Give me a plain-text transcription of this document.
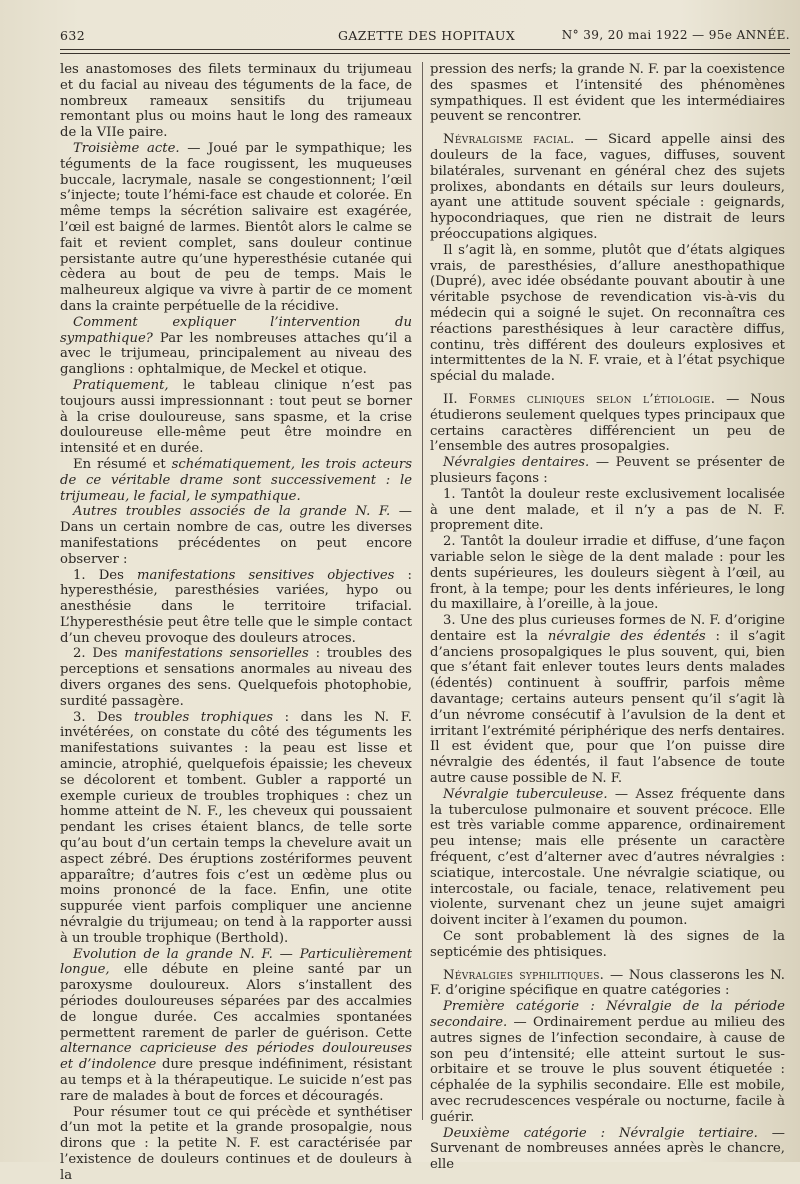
632	GAZETTE DES HOPITAUX	N° 39, 20 mai 1922 — 95e ANNÉE.

les anastomoses des filets terminaux du trijumeau et du facial au niveau des téguments de la face, de nombreux rameaux sensitifs du trijumeau remontant plus ou moins haut le long des rameaux de la VIIe paire.

Troisième acte. — Joué par le sympathique; les téguments de la face rougissent, les muqueuses buccale, lacrymale, nasale se congestionnent; l’œil s’injecte; toute l’hémi-face est chaude et colorée. En même temps la sécrétion salivaire est exagérée, l’œil est baigné de larmes. Bientôt alors le calme se fait et revient complet, sans douleur continue persistante autre qu’une hyperesthésie cutanée qui cèdera au bout de peu de temps. Mais le malheureux algique va vivre à partir de ce moment dans la crainte perpétuelle de la récidive.

Comment expliquer l’intervention du sympathique? Par les nombreuses attaches qu’il a avec le trijumeau, principalement au niveau des ganglions : ophtalmique, de Meckel et otique.

Pratiquement, le tableau clinique n’est pas toujours aussi impressionnant : tout peut se borner à la crise douloureuse, sans spasme, et la crise douloureuse elle-même peut être moindre en intensité et en durée.

En résumé et schématiquement, les trois acteurs de ce véritable drame sont successivement : le trijumeau, le facial, le sympathique.

Autres troubles associés de la grande N. F. — Dans un certain nombre de cas, outre les diverses manifestations précédentes on peut encore observer :

1. Des manifestations sensitives objectives : hyperesthésie, paresthésies variées, hypo ou anesthésie dans le territoire trifacial. L’hyperesthésie peut être telle que le simple contact d’un cheveu provoque des douleurs atroces.

2. Des manifestations sensorielles : troubles des perceptions et sensations anormales au niveau des divers organes des sens. Quelquefois photophobie, surdité passagère.

3. Des troubles trophiques : dans les N. F. invétérées, on constate du côté des téguments les manifestations suivantes : la peau est lisse et amincie, atrophié, quelquefois épaissie; les cheveux se décolorent et tombent. Gubler a rapporté un exemple curieux de troubles trophiques : chez un homme atteint de N. F., les cheveux qui poussaient pendant les crises étaient blancs, de telle sorte qu’au bout d’un certain temps la chevelure avait un aspect zébré. Des éruptions zostériformes peuvent apparaître; d’autres fois c’est un œdème plus ou moins prononcé de la face. Enfin, une otite suppurée vient parfois compliquer une ancienne névralgie du trijumeau; on tend à la rapporter aussi à un trouble trophique (Berthold).

Evolution de la grande N. F. — Particulièrement longue, elle débute en pleine santé par un paroxysme douloureux. Alors s’installent des périodes douloureuses séparées par des accalmies de longue durée. Ces accalmies spontanées permettent rarement de parler de guérison. Cette alternance capricieuse des périodes douloureuses et d’indolence dure presque indéfiniment, résistant au temps et à la thérapeutique. Le suicide n’est pas rare de malades à bout de forces et découragés.

Pour résumer tout ce qui précède et synthétiser d’un mot la petite et la grande prosopalgie, nous dirons que : la petite N. F. est caractérisée par l’existence de douleurs continues et de douleurs à la

pression des nerfs; la grande N. F. par la coexistence des spasmes et l’intensité des phénomènes sympathiques. Il est évident que les intermédiaires peuvent se rencontrer.

Névralgisme facial. — Sicard appelle ainsi des douleurs de la face, vagues, diffuses, souvent bilatérales, survenant en général chez des sujets prolixes, abondants en détails sur leurs douleurs, ayant une attitude souvent spéciale : geignards, hypocondriaques, que rien ne distrait de leurs préoccupations algiques.

Il s’agit là, en somme, plutôt que d’états algiques vrais, de paresthésies, d’allure anesthopathique (Dupré), avec idée obsédante pouvant aboutir à une véritable psychose de revendication vis-à-vis du médecin qui a soigné le sujet. On reconnaîtra ces réactions paresthésiques à leur caractère diffus, continu, très différent des douleurs explosives et intermittentes de la N. F. vraie, et à l’état psychique spécial du malade.

II. Formes cliniques selon l’étiologie. — Nous étudierons seulement quelques types principaux que certains caractères différencient un peu de l’ensemble des autres prosopalgies.

Névralgies dentaires. — Peuvent se présenter de plusieurs façons :

1. Tantôt la douleur reste exclusivement localisée à une dent malade, et il n’y a pas de N. F. proprement dite.

2. Tantôt la douleur irradie et diffuse, d’une façon variable selon le siège de la dent malade : pour les dents supérieures, les douleurs siègent à l’œil, au front, à la tempe; pour les dents inférieures, le long du maxillaire, à l’oreille, à la joue.

3. Une des plus curieuses formes de N. F. d’origine dentaire est la névralgie des édentés : il s’agit d’anciens prosopalgiques le plus souvent, qui, bien que s’étant fait enlever toutes leurs dents malades (édentés) continuent à souffrir, parfois même davantage; certains auteurs pensent qu’il s’agit là d’un névrome consécutif à l’avulsion de la dent et irritant l’extrémité périphérique des nerfs dentaires. Il est évident que, pour que l’on puisse dire névralgie des édentés, il faut l’absence de toute autre cause possible de N. F.

Névralgie tuberculeuse. — Assez fréquente dans la tuberculose pulmonaire et souvent précoce. Elle est très variable comme apparence, ordinairement peu intense; mais elle présente un caractère fréquent, c’est d’alterner avec d’autres névralgies : sciatique, intercostale. Une névralgie sciatique, ou intercostale, ou faciale, tenace, relativement peu violente, survenant chez un jeune sujet amaigri doivent inciter à l’examen du poumon.

Ce sont probablement là des signes de la septicémie des phtisiques.

Névralgies syphilitiques. — Nous classerons les N. F. d’origine spécifique en quatre catégories :

Première catégorie : Névralgie de la période secondaire. — Ordinairement perdue au milieu des autres signes de l’infection secondaire, à cause de son peu d’intensité; elle atteint surtout le sus-orbitaire et se trouve le plus souvent étiquetée : céphalée de la syphilis secondaire. Elle est mobile, avec recrudescences vespérale ou nocturne, facile à guérir.

Deuxième catégorie : Névralgie tertiaire. — Survenant de nombreuses années après le chancre, elle
